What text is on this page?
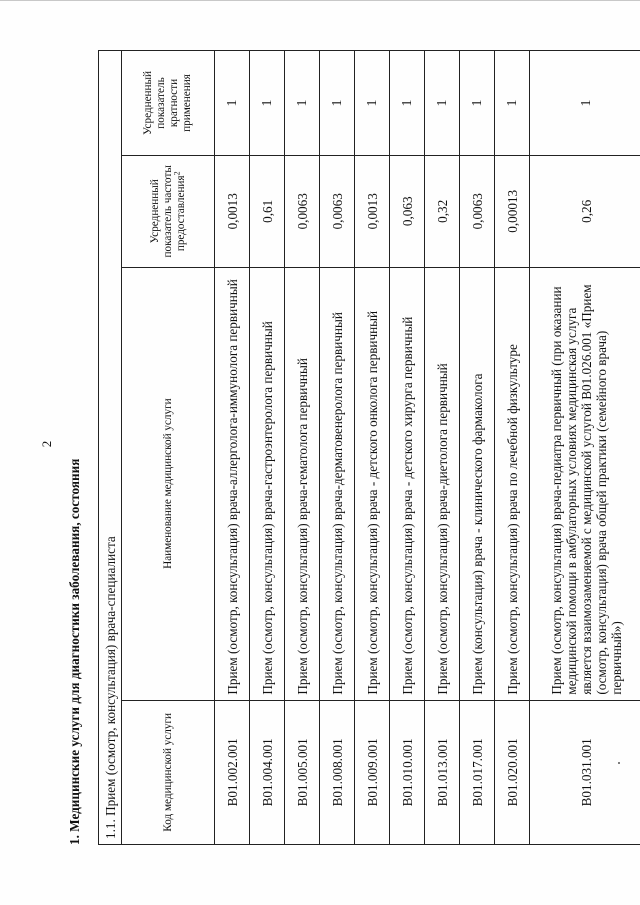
2
1. Медицинские услуги для диагностики заболевания, состояния	1.1. Прием (осмотр, консультация) врача-специалиста			
Код медицинской услуги	Наименование медицинской услуги	Усредненный показатель частоты предоставления$^2$	Усредненный показатель кратности применения
B01.002.001	Прием (осмотр, консультация) врача-аллерголога-иммунолога первичный	0,0013	1
B01.004.001	Прием (осмотр, консультация) врача-гастроэнтеролога первичный	0,61	1
B01.005.001	Прием (осмотр, консультация) врача-гематолога первичный	0,0063	1
B01.008.001	Прием (осмотр, консультация) врача-дерматовенеролога первичный	0,0063	1
B01.009.001	Прием (осмотр, консультация) врача - детского онколога первичный	0,0013	1
B01.010.001	Прием (осмотр, консультация) врача - детского хирурга первичный	0,063	1
B01.013.001	Прием (осмотр, консультация) врача-диетолога первичный	0,32	1
B01.017.001	Прием (консультация) врача - клинического фармаколога	0,0063	1
B01.020.001	Прием (осмотр, консультация) врача по лечебной физкультуре	0,00013	1
B01.031.001	Прием (осмотр, консультация) врача-педиатра первичный (при оказании медицинской помощи в амбулаторных условиях медицинская услуга является взаимозаменяемой с медицинской услугой B01.026.001 «Прием (осмотр, консультация) врача общей практики (семейного врача) первичный»)	0,26	1
